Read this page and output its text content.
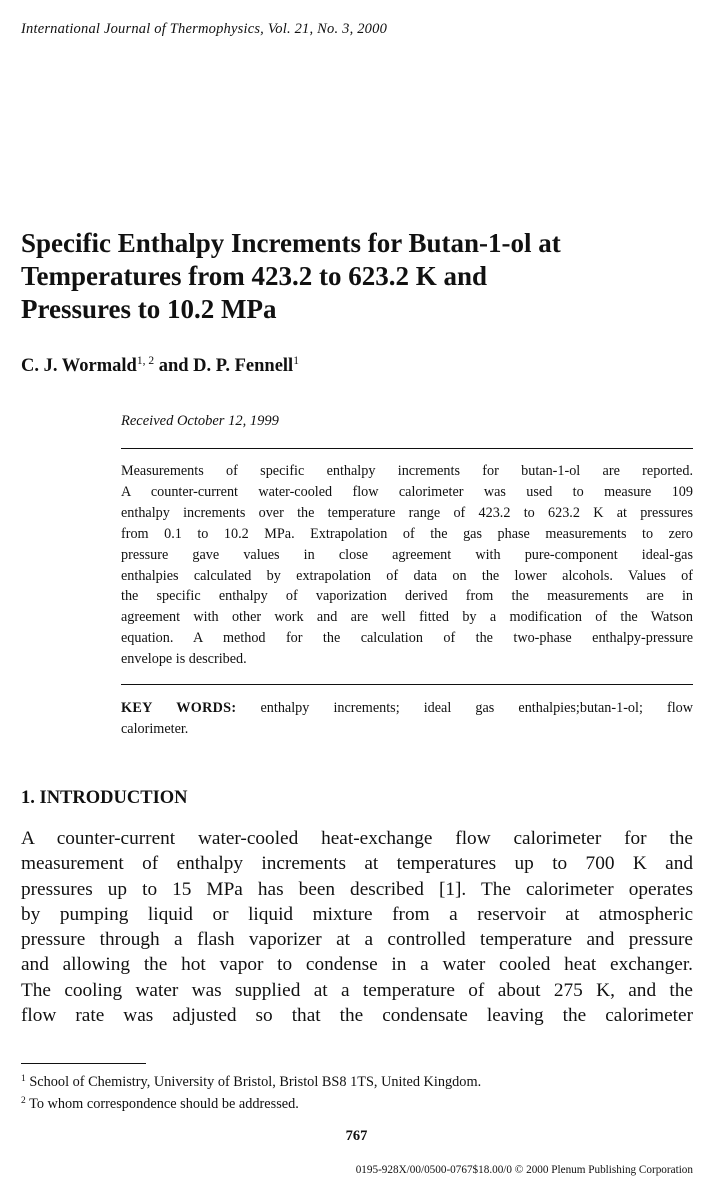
International Journal of Thermophysics, Vol. 21, No. 3, 2000
Specific Enthalpy Increments for Butan-1-ol at
Temperatures from 423.2 to 623.2 K and
Pressures to 10.2 MPa
C. J. Wormald$^{1, 2}$ and D. P. Fennell$^1$
Received October 12, 1999
Measurements of specific enthalpy increments for butan-1-ol are reported.
A counter-current water-cooled flow calorimeter was used to measure 109
enthalpy increments over the temperature range of 423.2 to 623.2 K at pressures
from 0.1 to 10.2 MPa. Extrapolation of the gas phase measurements to zero
pressure gave values in close agreement with pure-component ideal-gas
enthalpies calculated by extrapolation of data on the lower alcohols. Values of
the specific enthalpy of vaporization derived from the measurements are in
agreement with other work and are well fitted by a modification of the Watson
equation. A method for the calculation of the two-phase enthalpy-pressure
envelope is described.
KEY WORDS: enthalpy increments; ideal gas enthalpies;butan-1-ol; flow
calorimeter.
1. INTRODUCTION
A counter-current water-cooled heat-exchange flow calorimeter for the
measurement of enthalpy increments at temperatures up to 700 K and
pressures up to 15 MPa has been described [1]. The calorimeter operates
by pumping liquid or liquid mixture from a reservoir at atmospheric
pressure through a flash vaporizer at a controlled temperature and pressure
and allowing the hot vapor to condense in a water cooled heat exchanger.
The cooling water was supplied at a temperature of about 275 K, and the
flow rate was adjusted so that the condensate leaving the calorimeter
$^1$ School of Chemistry, University of Bristol, Bristol BS8 1TS, United Kingdom.
$^2$ To whom correspondence should be addressed.
767
0195-928X/00/0500-0767$18.00/0 © 2000 Plenum Publishing Corporation
